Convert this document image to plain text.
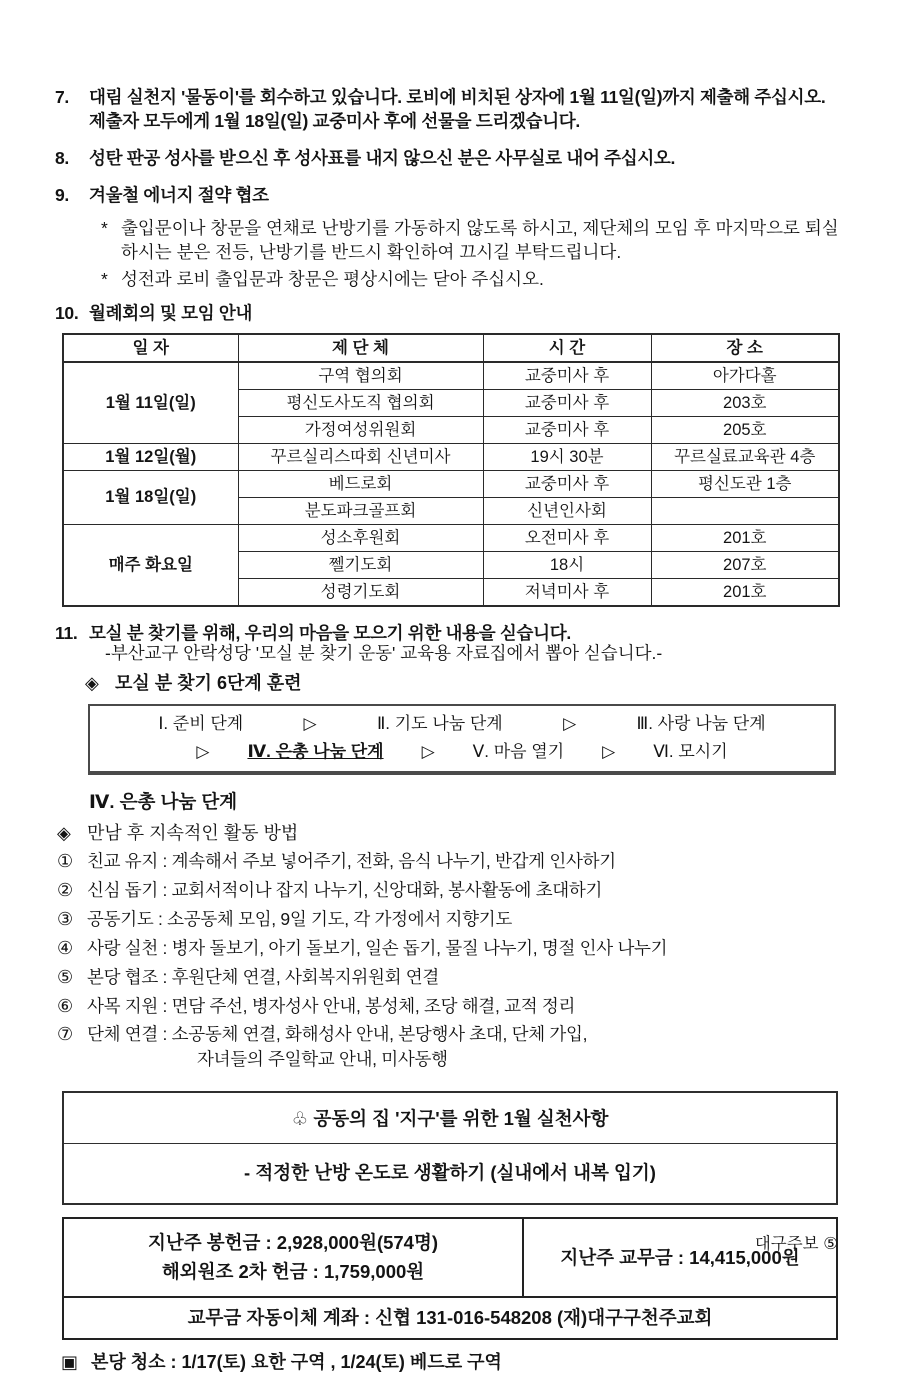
7.	대림 실천지 '물동이'를 회수하고 있습니다. 로비에 비치된 상자에 1월 11일(일)까지 제출해 주십시오. 제출자 모두에게 1월 18일(일) 교중미사 후에 선물을 드리겠습니다.
8.	성탄 판공 성사를 받으신 후 성사표를 내지 않으신 분은 사무실로 내어 주십시오.
9.	겨울철 에너지 절약 협조
* 출입문이나 창문을 연채로 난방기를 가동하지 않도록 하시고, 제단체의 모임 후 마지막으로 퇴실하시는 분은 전등, 난방기를 반드시 확인하여 끄시길 부탁드립니다.
* 성전과 로비 출입문과 창문은 평상시에는 닫아 주십시오.
10. 월례회의 및 모임 안내
일 자	제 단 체	시 간	장 소
1월 11일(일)	구역 협의회	교중미사 후	아가다홀
	평신도사도직 협의회	교중미사 후	203호
	가정여성위원회	교중미사 후	205호
1월 12일(월)	꾸르실리스따회 신년미사	19시 30분	꾸르실료교육관 4층
1월 18일(일)	베드로회	교중미사 후	평신도관 1층
	분도파크골프회	신년인사회	
매주 화요일	성소후원회	오전미사 후	201호
	쩰기도회	18시	207호
	성령기도회	저녁미사 후	201호
11. 모실 분 찾기를 위해, 우리의 마음을 모으기 위한 내용을 싣습니다.
-부산교구 안락성당 '모실 분 찾기 운동' 교육용 자료집에서 뽑아 싣습니다.-
◈ 모실 분 찾기 6단계 훈련
Ⅰ. 준비 단계	▷	Ⅱ. 기도 나눔 단계	▷	Ⅲ. 사랑 나눔 단계
▷ Ⅳ. 은총 나눔 단계 ▷ Ⅴ. 마음 열기 ▷ Ⅵ. 모시기
Ⅳ. 은총 나눔 단계
◈ 만남 후 지속적인 활동 방법
① 친교 유지 : 계속해서 주보 넣어주기, 전화, 음식 나누기, 반갑게 인사하기
② 신심 돕기 : 교회서적이나 잡지 나누기, 신앙대화, 봉사활동에 초대하기
③ 공동기도 : 소공동체 모임, 9일 기도, 각 가정에서 지향기도
④ 사랑 실천 : 병자 돌보기, 아기 돌보기, 일손 돕기, 물질 나누기, 명절 인사 나누기
⑤ 본당 협조 : 후원단체 연결, 사회복지위원회 연결
⑥ 사목 지원 : 면담 주선, 병자성사 안내, 봉성체, 조당 해결, 교적 정리
⑦ 단체 연결 : 소공동체 연결, 화해성사 안내, 본당행사 초대, 단체 가입,
자녀들의 주일학교 안내, 미사동행
♧ 공동의 집 '지구'를 위한 1월 실천사항
- 적정한 난방 온도로 생활하기 (실내에서 내복 입기)
지난주 봉헌금 : 2,928,000원(574명)
해외원조 2차 헌금 : 1,759,000원
지난주 교무금 : 14,415,000원
교무금 자동이체 계좌 : 신협 131-016-548208 (재)대구구천주교회
▣ 본당 청소 : 1/17(토) 요한 구역 , 1/24(토) 베드로 구역
대구주보 ⑤
